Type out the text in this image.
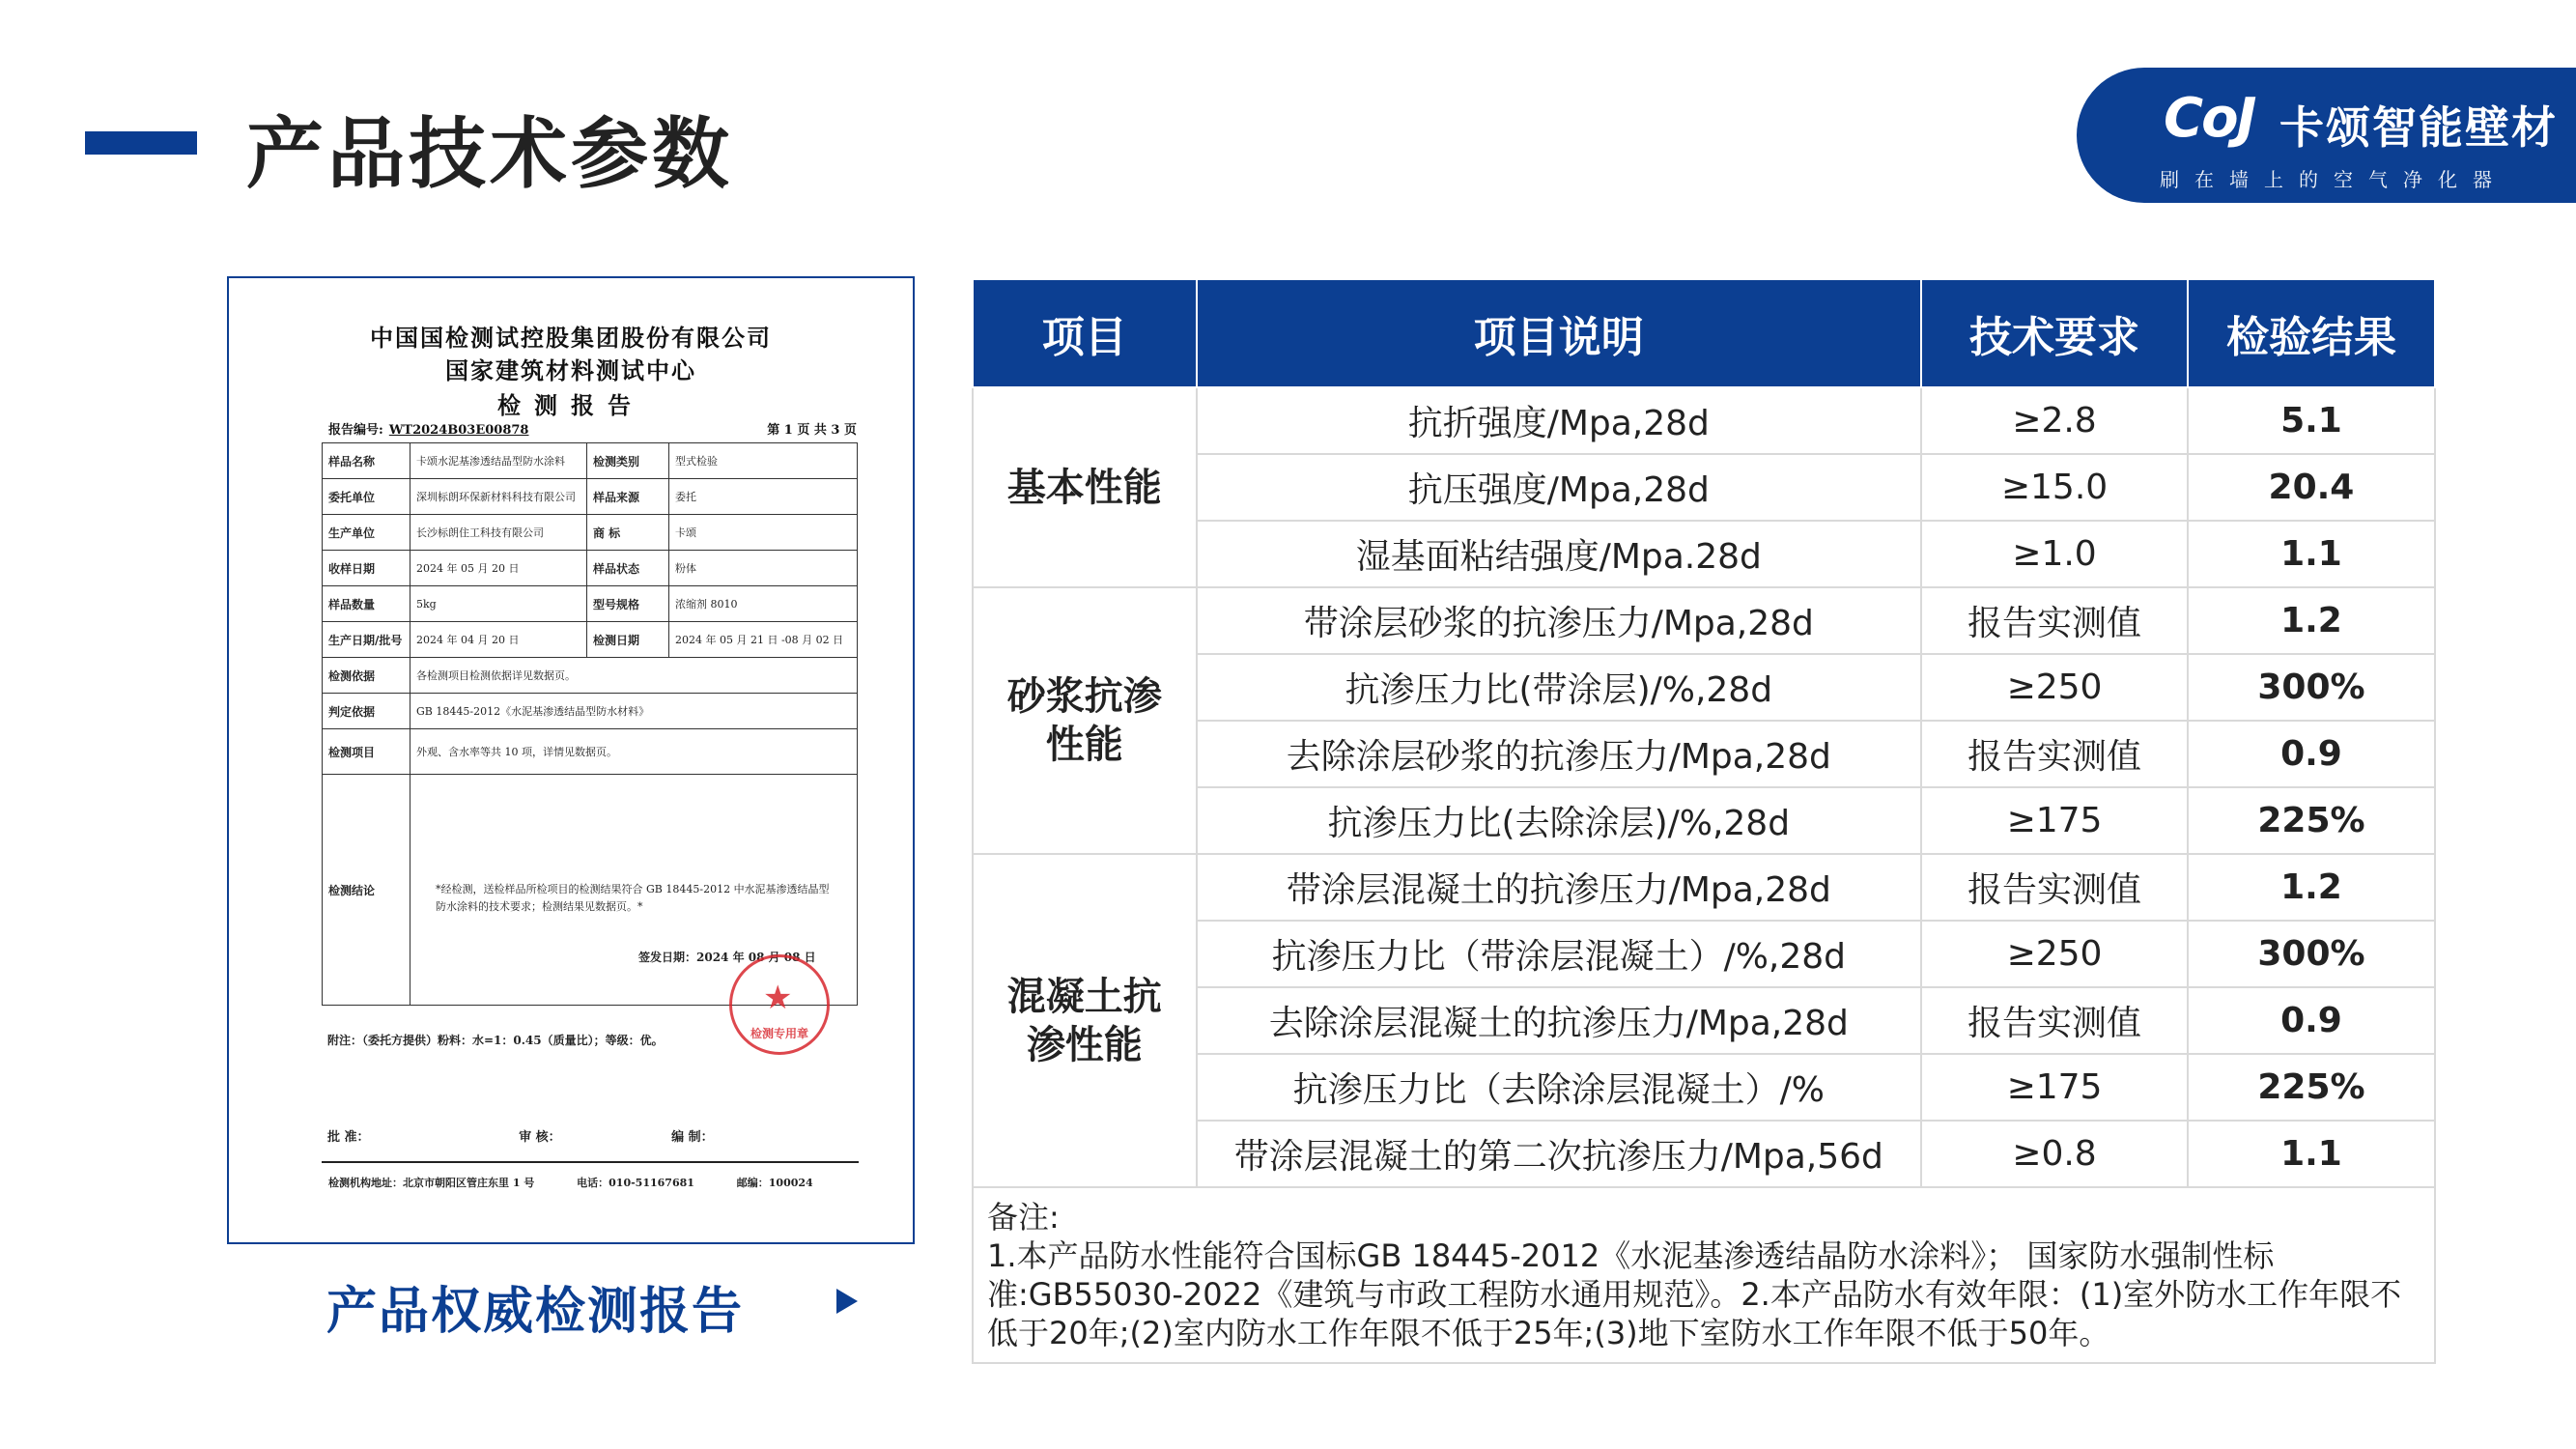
产品技术参数	CoJ 卡颂智能壁材
刷在墙上的空气净化器
中国国检测试控股集团股份有限公司
国家建筑材料测试中心
检测报告
报告编号: WT2024B03E00878	第 1 页 共 3 页
样品名称	卡颂水泥基渗透结晶型防水涂料	检测类别	型式检验
委托单位	深圳标朗环保新材料科技有限公司	样品来源	委托
生产单位	长沙标朗住工科技有限公司	商 标	卡颂
收样日期	2024 年 05 月 20 日	样品状态	粉体
样品数量	5kg	型号规格	浓缩剂 8010
生产日期/批号	2024 年 04 月 20 日	检测日期	2024 年 05 月 21 日 -08 月 02 日
检测依据	各检测项目检测依据详见数据页。		
判定依据	GB 18445-2012《水泥基渗透结晶型防水材料》		
检测项目	外观、含水率等共 10 项，详情见数据页。		
检测结论	*经检测，送检样品所检项目的检测结果符合 GB 18445-2012 中水泥基渗透结晶型防水涂料的技术要求；检测结果见数据页。*
签发日期：2024 年 08 月 08 日		
★
检测专用章
附注：（委托方提供）粉料：水=1：0.45（质量比）；等级：优。
批 准：	审 核：	编 制：
检测机构地址：北京市朝阳区管庄东里 1 号	电话：010-51167681	邮编：100024
产品权威检测报告
项目	项目说明	技术要求	检验结果
基本性能	抗折强度/Mpa,28d	≥2.8	5.1
	抗压强度/Mpa,28d	≥15.0	20.4
	湿基面粘结强度/Mpa.28d	≥1.0	1.1
砂浆抗渗
性能	带涂层砂浆的抗渗压力/Mpa,28d	报告实测值	1.2
	抗渗压力比(带涂层)/%,28d	≥250	300%
	去除涂层砂浆的抗渗压力/Mpa,28d	报告实测值	0.9
	抗渗压力比(去除涂层)/%,28d	≥175	225%
混凝土抗
渗性能	带涂层混凝土的抗渗压力/Mpa,28d	报告实测值	1.2
	抗渗压力比（带涂层混凝土）/%,28d	≥250	300%
	去除涂层混凝土的抗渗压力/Mpa,28d	报告实测值	0.9
	抗渗压力比（去除涂层混凝土）/%	≥175	225%
	带涂层混凝土的第二次抗渗压力/Mpa,56d	≥0.8	1.1

备注:
1.本产品防水性能符合国标GB 18445-2012《水泥基渗透结晶防水涂料》； 国家防水强制性标准:GB55030-2022《建筑与市政工程防水通用规范》。2.本产品防水有效年限：(1)室外防水工作年限不低于20年;(2)室内防水工作年限不低于25年;(3)地下室防水工作年限不低于50年。			
